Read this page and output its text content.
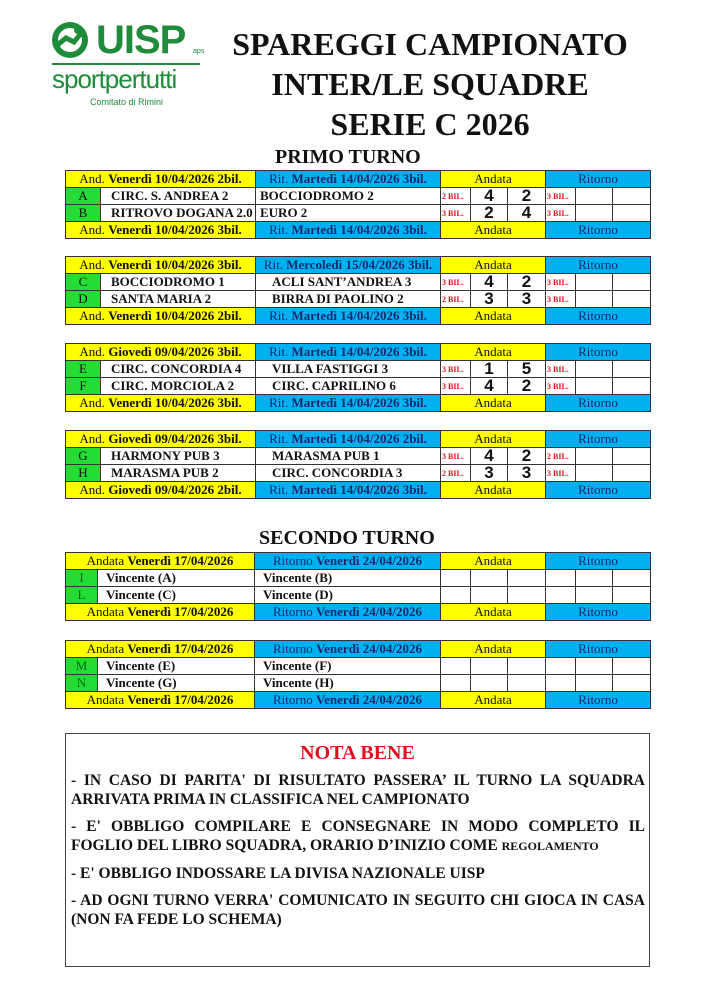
UISP aps
sportpertutti
Comitato di Rimini
SPAREGGI CAMPIONATO
INTER/LE SQUADRE
SERIE C 2026
PRIMO TURNO
And. Venerdì 10/04/2026 2bil.		Rit. Martedì 14/04/2026 3bil.	Andata			Ritorno		
A	CIRC. S. ANDREA 2	BOCCIODROMO 2	2 BIL.	4	2	3 BIL.		
B	RITROVO DOGANA 2.0	EURO 2	3 BIL.	2	4	3 BIL.		
And. Venerdì 10/04/2026 3bil.		Rit. Martedì 14/04/2026 3bil.	Andata			Ritorno		
And. Venerdì 10/04/2026 3bil.		Rit. Mercoledì 15/04/2026 3bil.	Andata			Ritorno		
C	BOCCIODROMO 1	ACLI SANT’ANDREA 3	3 BIL.	4	2	3 BIL.		
D	SANTA MARIA 2	BIRRA DI PAOLINO 2	2 BIL.	3	3	3 BIL.		
And. Venerdì 10/04/2026 2bil.		Rit. Martedì 14/04/2026 3bil.	Andata			Ritorno		
And. Giovedì 09/04/2026 3bil.		Rit. Martedì 14/04/2026 3bil.	Andata			Ritorno		
E	CIRC. CONCORDIA 4	VILLA FASTIGGI 3	3 BIL.	1	5	3 BIL.		
F	CIRC. MORCIOLA 2	CIRC. CAPRILINO 6	3 BIL.	4	2	3 BIL.		
And. Venerdì 10/04/2026 3bil.		Rit. Martedì 14/04/2026 3bil.	Andata			Ritorno		
And. Giovedì 09/04/2026 3bil.		Rit. Martedì 14/04/2026 2bil.	Andata			Ritorno		
G	HARMONY PUB 3	MARASMA PUB 1	3 BIL.	4	2	2 BIL.		
H	MARASMA PUB 2	CIRC. CONCORDIA 3	2 BIL.	3	3	3 BIL.		
And. Giovedì 09/04/2026 2bil.		Rit. Martedì 14/04/2026 3bil.	Andata			Ritorno		
SECONDO TURNO
Andata Venerdì 17/04/2026		Ritorno Venerdì 24/04/2026	Andata			Ritorno		
I	Vincente (A)	Vincente (B)						
L	Vincente (C)	Vincente (D)						
Andata Venerdì 17/04/2026		Ritorno Venerdì 24/04/2026	Andata			Ritorno		
Andata Venerdì 17/04/2026		Ritorno Venerdì 24/04/2026	Andata			Ritorno		
M	Vincente (E)	Vincente (F)						
N	Vincente (G)	Vincente (H)						
Andata Venerdì 17/04/2026		Ritorno Venerdì 24/04/2026	Andata			Ritorno		
NOTA BENE

- IN CASO DI PARITA' DI RISULTATO PASSERA’ IL TURNO LA SQUADRA ARRIVATA PRIMA IN CLASSIFICA NEL CAMPIONATO

- E' OBBLIGO COMPILARE E CONSEGNARE IN MODO COMPLETO IL FOGLIO DEL LIBRO SQUADRA, ORARIO D’INIZIO COME REGOLAMENTO

- E' OBBLIGO INDOSSARE LA DIVISA NAZIONALE UISP

- AD OGNI TURNO VERRA' COMUNICATO IN SEGUITO CHI GIOCA IN CASA (NON FA FEDE LO SCHEMA)
